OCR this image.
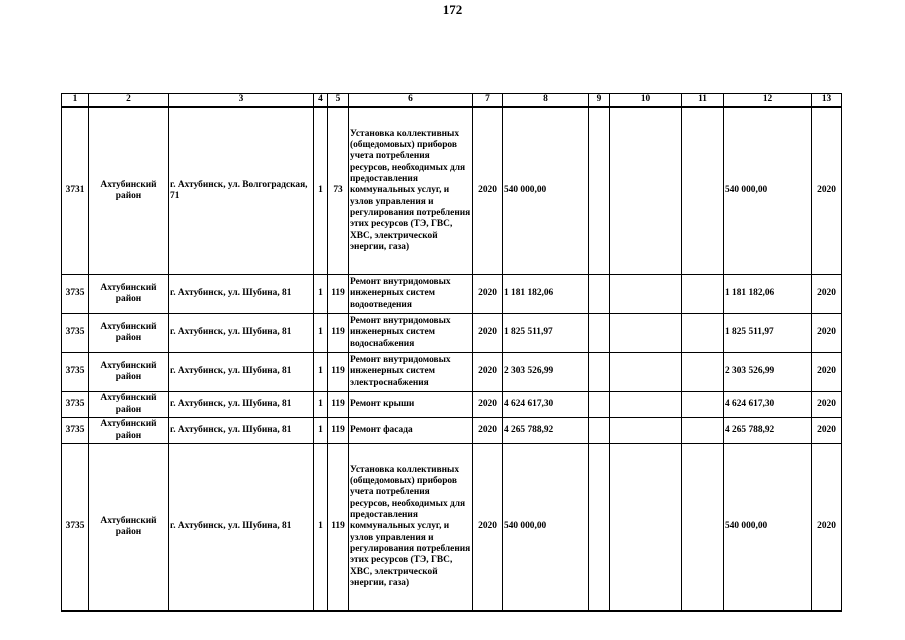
172
1	2	3	4	5	6	7	8	9	10	11	12	13
3731	Ахтубинский район	г. Ахтубинск, ул. Волгоградская, 71	1	73	Установка коллективных (общедомовых) приборов учета потребления ресурсов, необходимых для предоставления коммунальных услуг, и узлов управления и регулирования потребления этих ресурсов (ТЭ, ГВС, ХВС, электрической энергии, газа)	2020	540 000,00				540 000,00	2020
3735	Ахтубинский район	г. Ахтубинск, ул. Шубина, 81	1	119	Ремонт внутридомовых инженерных систем водоотведения	2020	1 181 182,06				1 181 182,06	2020
3735	Ахтубинский район	г. Ахтубинск, ул. Шубина, 81	1	119	Ремонт внутридомовых инженерных систем водоснабжения	2020	1 825 511,97				1 825 511,97	2020
3735	Ахтубинский район	г. Ахтубинск, ул. Шубина, 81	1	119	Ремонт внутридомовых инженерных систем электроснабжения	2020	2 303 526,99				2 303 526,99	2020
3735	Ахтубинский район	г. Ахтубинск, ул. Шубина, 81	1	119	Ремонт крыши	2020	4 624 617,30				4 624 617,30	2020
3735	Ахтубинский район	г. Ахтубинск, ул. Шубина, 81	1	119	Ремонт фасада	2020	4 265 788,92				4 265 788,92	2020
3735	Ахтубинский район	г. Ахтубинск, ул. Шубина, 81	1	119	Установка коллективных (общедомовых) приборов учета потребления ресурсов, необходимых для предоставления коммунальных услуг, и узлов управления и регулирования потребления этих ресурсов (ТЭ, ГВС, ХВС, электрической энергии, газа)	2020	540 000,00				540 000,00	2020
